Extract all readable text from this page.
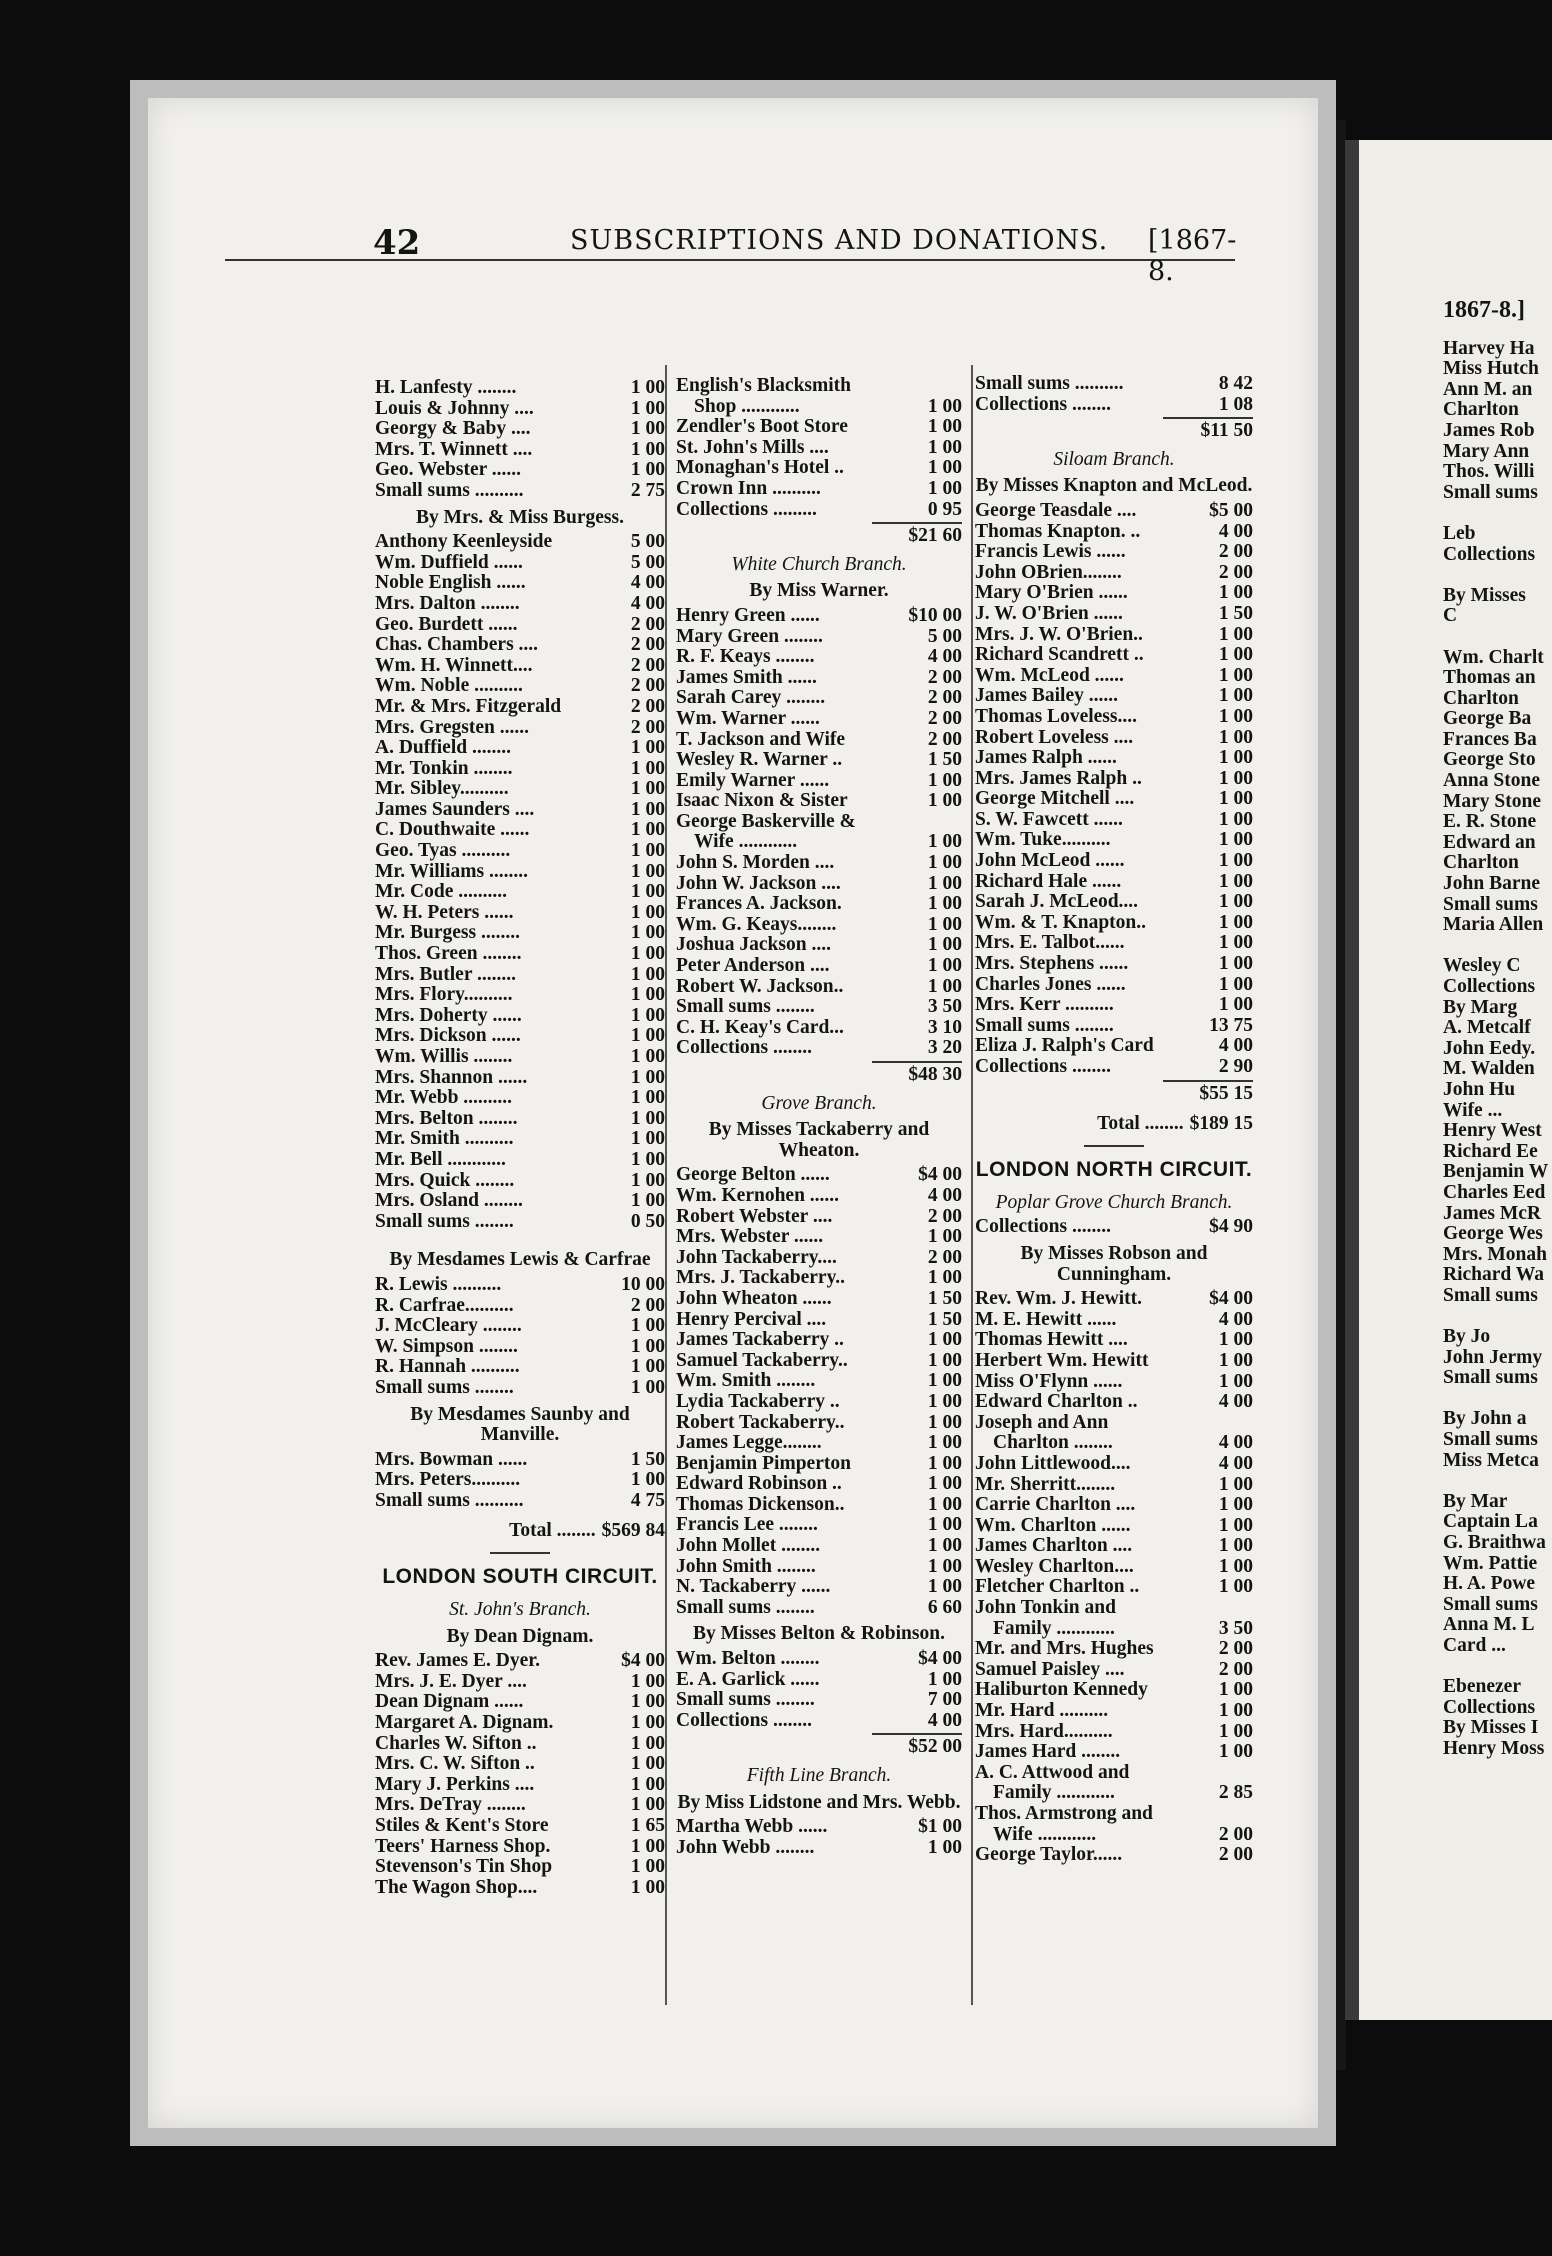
42	SUBSCRIPTIONS AND DONATIONS. [1867-8.
H. Lanfesty ........	1 00
Louis & Johnny ....	1 00
Georgy & Baby ....	1 00
Mrs. T. Winnett ....	1 00
Geo. Webster ......	1 00
Small sums ..........	2 75
By Mrs. & Miss Burgess.
Anthony Keenleyside	5 00
Wm. Duffield ......	5 00
Noble English ......	4 00
Mrs. Dalton ........	4 00
Geo. Burdett ......	2 00
Chas. Chambers ....	2 00
Wm. H. Winnett....	2 00
Wm. Noble ..........	2 00
Mr. & Mrs. Fitzgerald	2 00
Mrs. Gregsten ......	2 00
A. Duffield ........	1 00
Mr. Tonkin ........	1 00
Mr. Sibley..........	1 00
James Saunders ....	1 00
C. Douthwaite ......	1 00
Geo. Tyas ..........	1 00
Mr. Williams ........	1 00
Mr. Code ..........	1 00
W. H. Peters ......	1 00
Mr. Burgess ........	1 00
Thos. Green ........	1 00
Mrs. Butler ........	1 00
Mrs. Flory..........	1 00
Mrs. Doherty ......	1 00
Mrs. Dickson ......	1 00
Wm. Willis ........	1 00
Mrs. Shannon ......	1 00
Mr. Webb ..........	1 00
Mrs. Belton ........	1 00
Mr. Smith ..........	1 00
Mr. Bell ............	1 00
Mrs. Quick ........	1 00
Mrs. Osland ........	1 00
Small sums ........	0 50
By Mesdames Lewis & Carfrae
R. Lewis ..........	10 00
R. Carfrae..........	2 00
J. McCleary ........	1 00
W. Simpson ........	1 00
R. Hannah ..........	1 00
Small sums ........	1 00
By Mesdames Saunby and Manville.
Mrs. Bowman ......	1 50
Mrs. Peters..........	1 00
Small sums ..........	4 75
Total ........ $569 84
LONDON SOUTH CIRCUIT.
St. John's Branch.
By Dean Dignam.
Rev. James E. Dyer.	$4 00
Mrs. J. E. Dyer ....	1 00
Dean Dignam ......	1 00
Margaret A. Dignam.	1 00
Charles W. Sifton ..	1 00
Mrs. C. W. Sifton ..	1 00
Mary J. Perkins ....	1 00
Mrs. DeTray ........	1 00
Stiles & Kent's Store	1 65
Teers' Harness Shop.	1 00
Stevenson's Tin Shop	1 00
The Wagon Shop....	1 00
English's Blacksmith
Shop ............	1 00
Zendler's Boot Store	1 00
St. John's Mills ....	1 00
Monaghan's Hotel ..	1 00
Crown Inn ..........	1 00
Collections .........	0 95
$21 60
White Church Branch.
By Miss Warner.
Henry Green ......	$10 00
Mary Green ........	5 00
R. F. Keays ........	4 00
James Smith ......	2 00
Sarah Carey ........	2 00
Wm. Warner ......	2 00
T. Jackson and Wife	2 00
Wesley R. Warner ..	1 50
Emily Warner ......	1 00
Isaac Nixon & Sister	1 00
George Baskerville &
Wife ............	1 00
John S. Morden ....	1 00
John W. Jackson ....	1 00
Frances A. Jackson.	1 00
Wm. G. Keays........	1 00
Joshua Jackson ....	1 00
Peter Anderson ....	1 00
Robert W. Jackson..	1 00
Small sums ........	3 50
C. H. Keay's Card...	3 10
Collections ........	3 20
$48 30
Grove Branch.
By Misses Tackaberry and Wheaton.
George Belton ......	$4 00
Wm. Kernohen ......	4 00
Robert Webster ....	2 00
Mrs. Webster ......	1 00
John Tackaberry....	2 00
Mrs. J. Tackaberry..	1 00
John Wheaton ......	1 50
Henry Percival ....	1 50
James Tackaberry ..	1 00
Samuel Tackaberry..	1 00
Wm. Smith ........	1 00
Lydia Tackaberry ..	1 00
Robert Tackaberry..	1 00
James Legge........	1 00
Benjamin Pimperton	1 00
Edward Robinson ..	1 00
Thomas Dickenson..	1 00
Francis Lee ........	1 00
John Mollet ........	1 00
John Smith ........	1 00
N. Tackaberry ......	1 00
Small sums ........	6 60
By Misses Belton & Robinson.
Wm. Belton ........	$4 00
E. A. Garlick ......	1 00
Small sums ........	7 00
Collections ........	4 00
$52 00
Fifth Line Branch.
By Miss Lidstone and Mrs. Webb.
Martha Webb ......	$1 00
John Webb ........	1 00
Small sums ..........	8 42
Collections ........	1 08
$11 50
Siloam Branch.
By Misses Knapton and McLeod.
George Teasdale ....	$5 00
Thomas Knapton. ..	4 00
Francis Lewis ......	2 00
John OBrien........	2 00
Mary O'Brien ......	1 00
J. W. O'Brien ......	1 50
Mrs. J. W. O'Brien..	1 00
Richard Scandrett ..	1 00
Wm. McLeod ......	1 00
James Bailey ......	1 00
Thomas Loveless....	1 00
Robert Loveless ....	1 00
James Ralph ......	1 00
Mrs. James Ralph ..	1 00
George Mitchell ....	1 00
S. W. Fawcett ......	1 00
Wm. Tuke..........	1 00
John McLeod ......	1 00
Richard Hale ......	1 00
Sarah J. McLeod....	1 00
Wm. & T. Knapton..	1 00
Mrs. E. Talbot......	1 00
Mrs. Stephens ......	1 00
Charles Jones ......	1 00
Mrs. Kerr ..........	1 00
Small sums ........	13 75
Eliza J. Ralph's Card	4 00
Collections ........	2 90
$55 15
Total ........ $189 15
LONDON NORTH CIRCUIT.
Poplar Grove Church Branch.
Collections ........	$4 90
By Misses Robson and Cunningham.
Rev. Wm. J. Hewitt.	$4 00
M. E. Hewitt ......	4 00
Thomas Hewitt ....	1 00
Herbert Wm. Hewitt	1 00
Miss O'Flynn ......	1 00
Edward Charlton ..	4 00
Joseph and Ann
Charlton ........	4 00
John Littlewood....	4 00
Mr. Sherritt........	1 00
Carrie Charlton ....	1 00
Wm. Charlton ......	1 00
James Charlton ....	1 00
Wesley Charlton....	1 00
Fletcher Charlton ..	1 00
John Tonkin and
Family ............	3 50
Mr. and Mrs. Hughes	2 00
Samuel Paisley ....	2 00
Haliburton Kennedy	1 00
Mr. Hard ..........	1 00
Mrs. Hard..........	1 00
James Hard ........	1 00
A. C. Attwood and
Family ............	2 85
Thos. Armstrong and
Wife ............	2 00
George Taylor......	2 00
1867-8.]
Harvey Ha
Miss Hutch
Ann M. an
Charlton
James Rob
Mary Ann
Thos. Willi
Small sums
Leb
Collections
By Misses
C
Wm. Charlt
Thomas an
Charlton
George Ba
Frances Ba
George Sto
Anna Stone
Mary Stone
E. R. Stone
Edward an
Charlton
John Barne
Small sums
Maria Allen
Wesley C
Collections
By Marg
A. Metcalf
John Eedy.
M. Walden
John Hu
Wife ...
Henry West
Richard Ee
Benjamin W
Charles Eed
James McR
George Wes
Mrs. Monah
Richard Wa
Small sums
By Jo
John Jermy
Small sums
By John a
Small sums
Miss Metca
By Mar
Captain La
G. Braithwa
Wm. Pattie
H. A. Powe
Small sums
Anna M. L
Card ...
Ebenezer
Collections
By Misses I
Henry Moss
